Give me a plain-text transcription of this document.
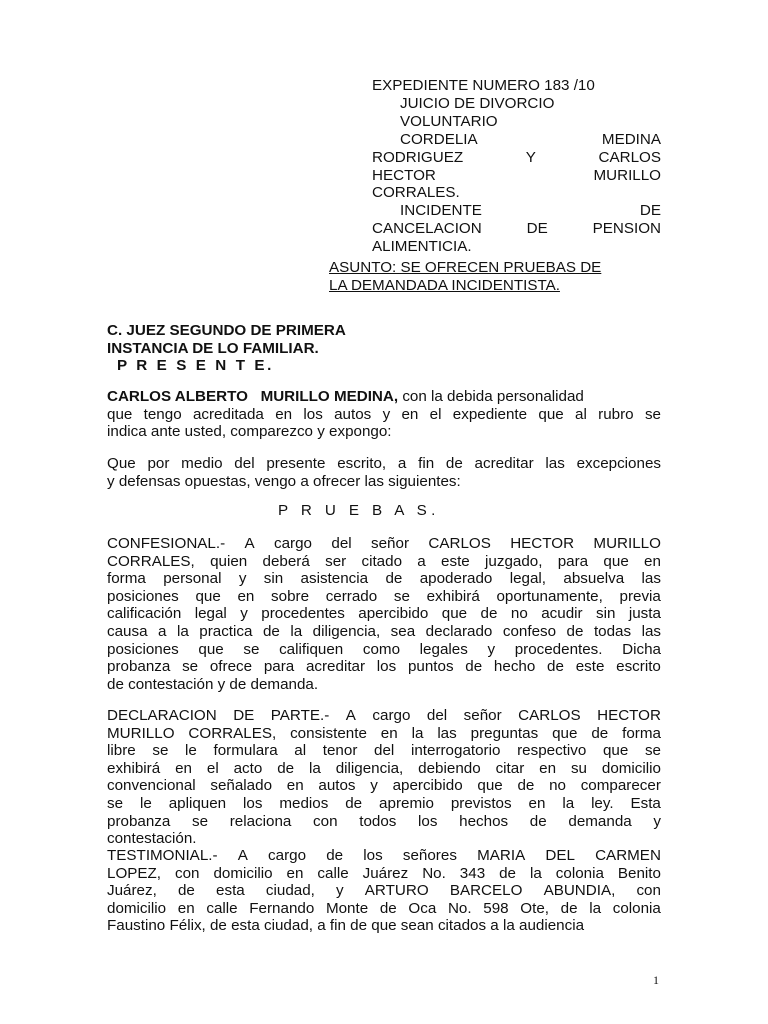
EXPEDIENTE NUMERO 183 /10
JUICIO DE DIVORCIO
VOLUNTARIO
CORDELIA	MEDINA
RODRIGUEZ	Y	CARLOS
HECTOR	MURILLO
CORRALES.
INCIDENTE	DE
CANCELACION	DE	PENSION
ALIMENTICIA.
ASUNTO: SE OFRECEN PRUEBAS DE
LA DEMANDADA INCIDENTISTA.
C. JUEZ SEGUNDO DE PRIMERA
INSTANCIA DE LO FAMILIAR.
P R E S E N T E.
CARLOS ALBERTO   MURILLO MEDINA, con la debida personalidad
que tengo acreditada en los autos y en el expediente que al rubro se
indica ante usted, comparezco y expongo:
Que por medio del presente escrito, a fin de acreditar las excepciones
y defensas opuestas, vengo a ofrecer las siguientes:
P R U E B A S.
CONFESIONAL.- A cargo del señor CARLOS HECTOR MURILLO
CORRALES, quien deberá ser citado a este juzgado, para que en
forma personal y sin asistencia de apoderado legal, absuelva las
posiciones que en sobre cerrado se exhibirá oportunamente, previa
calificación legal y procedentes apercibido que de no acudir sin justa
causa a la practica de la diligencia, sea declarado confeso de todas las
posiciones que se califiquen como legales y procedentes. Dicha
probanza se ofrece para acreditar los puntos de hecho de este escrito
de contestación y de demanda.
DECLARACION DE PARTE.- A cargo del señor CARLOS HECTOR
MURILLO CORRALES, consistente en la las preguntas que de forma
libre se le formulara al tenor del interrogatorio respectivo que se
exhibirá en el acto de la diligencia, debiendo citar en su domicilio
convencional señalado en autos y apercibido que de no comparecer
se le apliquen los medios de apremio previstos en la ley. Esta
probanza se relaciona con todos los hechos de demanda y
contestación.
TESTIMONIAL.- A cargo de los señores MARIA DEL CARMEN
LOPEZ, con domicilio en calle Juárez No. 343 de la colonia Benito
Juárez, de esta ciudad, y ARTURO BARCELO ABUNDIA, con
domicilio en calle Fernando Monte de Oca No. 598 Ote, de la colonia
Faustino Félix, de esta ciudad, a fin de que sean citados a la audiencia
1
